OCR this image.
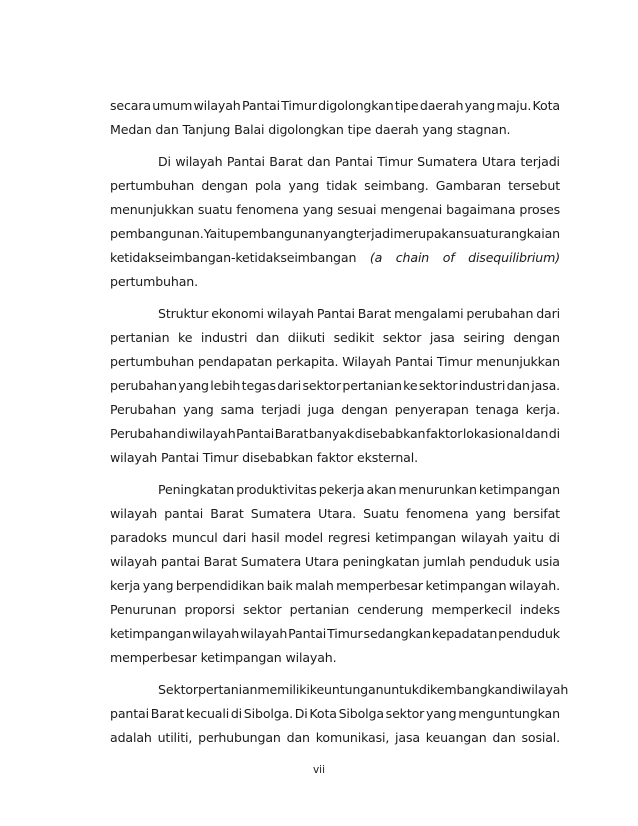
secara umum wilayah Pantai Timur digolongkan tipe daerah yang maju. Kota
Medan dan Tanjung Balai digolongkan tipe daerah yang stagnan.
Di wilayah Pantai Barat dan Pantai Timur Sumatera Utara terjadi
pertumbuhan dengan pola yang tidak seimbang. Gambaran tersebut
menunjukkan suatu fenomena yang sesuai mengenai bagaimana proses
pembangunan. Yaitu pembangunan yang terjadi merupakan suatu rangkaian
ketidakseimbangan-ketidakseimbangan (a chain of disequilibrium)
pertumbuhan.
Struktur ekonomi wilayah Pantai Barat mengalami perubahan dari
pertanian ke industri dan diikuti sedikit sektor jasa seiring dengan
pertumbuhan pendapatan perkapita. Wilayah Pantai Timur menunjukkan
perubahan yang lebih tegas dari sektor pertanian ke sektor industri dan jasa.
Perubahan yang sama terjadi juga dengan penyerapan tenaga kerja.
Perubahan di wilayah Pantai Barat banyak disebabkan faktor lokasional dan di
wilayah Pantai Timur disebabkan faktor eksternal.
Peningkatan produktivitas pekerja akan menurunkan ketimpangan
wilayah pantai Barat Sumatera Utara. Suatu fenomena yang bersifat
paradoks muncul dari hasil model regresi ketimpangan wilayah yaitu di
wilayah pantai Barat Sumatera Utara peningkatan jumlah penduduk usia
kerja yang berpendidikan baik malah memperbesar ketimpangan wilayah.
Penurunan proporsi sektor pertanian cenderung memperkecil indeks
ketimpangan wilayah wilayah Pantai Timur sedangkan kepadatan penduduk
memperbesar ketimpangan wilayah.
Sektor pertanian memiliki keuntungan untuk dikembangkan di wilayah
pantai Barat kecuali di Sibolga. Di Kota Sibolga sektor yang menguntungkan
adalah utiliti, perhubungan dan komunikasi, jasa keuangan dan sosial.
vii
